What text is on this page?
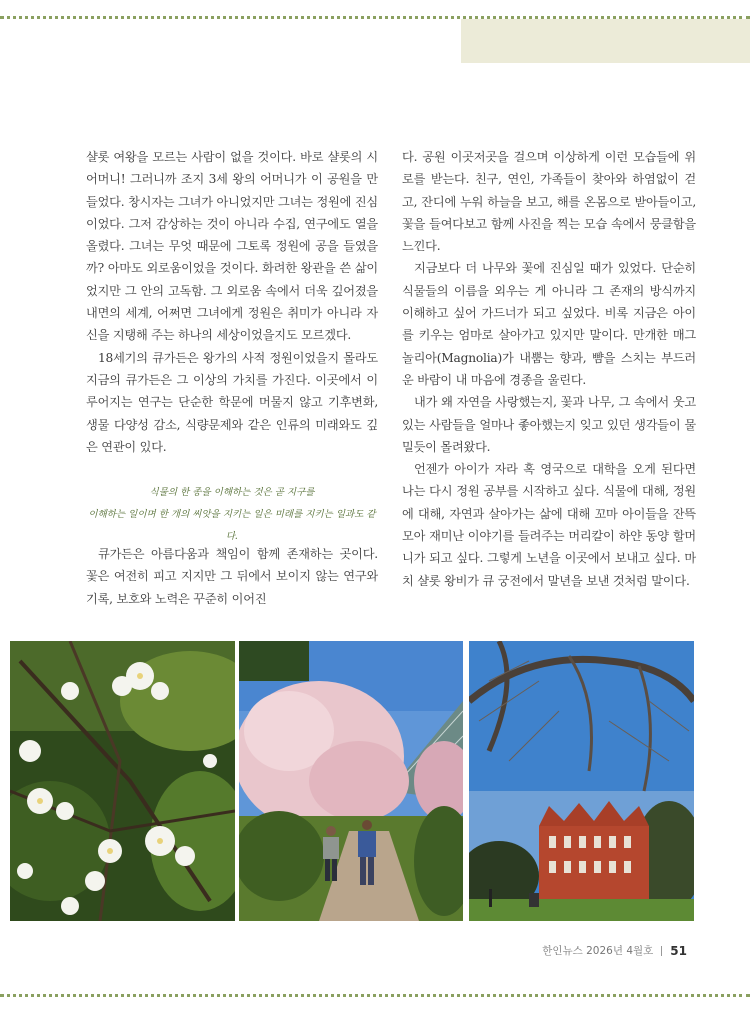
샬롯 여왕을 모르는 사람이 없을 것이다. 바로 샬롯의 시어머니! 그러니까 조지 3세 왕의 어머니가 이 공원을 만들었다. 창시자는 그녀가 아니었지만 그녀는 정원에 진심이었다. 그저 감상하는 것이 아니라 수집, 연구에도 열을 올렸다. 그녀는 무엇 때문에 그토록 정원에 공을 들였을까? 아마도 외로움이었을 것이다. 화려한 왕관을 쓴 삶이었지만 그 안의 고독함. 그 외로움 속에서 더욱 깊어졌을 내면의 세계, 어쩌면 그녀에게 정원은 취미가 아니라 자신을 지탱해 주는 하나의 세상이었을지도 모르겠다.

18세기의 큐가든은 왕가의 사적 정원이었을지 몰라도 지금의 큐가든은 그 이상의 가치를 가진다. 이곳에서 이루어지는 연구는 단순한 학문에 머물지 않고 기후변화, 생물 다양성 감소, 식량문제와 같은 인류의 미래와도 깊은 연관이 있다.

식물의 한 종을 이해하는 것은 곧 지구를
이해하는 일이며 한 개의 씨앗을 지키는 일은 미래를 지키는 일과도 같다.

큐가든은 아름다움과 책임이 함께 존재하는 곳이다. 꽃은 여전히 피고 지지만 그 뒤에서 보이지 않는 연구와 기록, 보호와 노력은 꾸준히 이어진

다. 공원 이곳저곳을 걸으며 이상하게 이런 모습들에 위로를 받는다. 친구, 연인, 가족들이 찾아와 하염없이 걷고, 잔디에 누워 하늘을 보고, 해를 온몸으로 받아들이고, 꽃을 들여다보고 함께 사진을 찍는 모습 속에서 뭉클함을 느낀다.

지금보다 더 나무와 꽃에 진심일 때가 있었다. 단순히 식물들의 이름을 외우는 게 아니라 그 존재의 방식까지 이해하고 싶어 가드너가 되고 싶었다. 비록 지금은 아이를 키우는 엄마로 살아가고 있지만 말이다. 만개한 매그놀리아(Magnolia)가 내뿜는 향과, 뺨을 스치는 부드러운 바람이 내 마음에 경종을 울린다.

내가 왜 자연을 사랑했는지, 꽃과 나무, 그 속에서 웃고 있는 사람들을 얼마나 좋아했는지 잊고 있던 생각들이 물밀듯이 몰려왔다.

언젠가 아이가 자라 혹 영국으로 대학을 오게 된다면 나는 다시 정원 공부를 시작하고 싶다. 식물에 대해, 정원에 대해, 자연과 살아가는 삶에 대해 꼬마 아이들을 잔뜩 모아 재미난 이야기를 들려주는 머리칼이 하얀 동양 할머니가 되고 싶다. 그렇게 노년을 이곳에서 보내고 싶다. 마치 샬롯 왕비가 큐 궁전에서 말년을 보낸 것처럼 말이다.

한인뉴스 2026년 4월호 51
